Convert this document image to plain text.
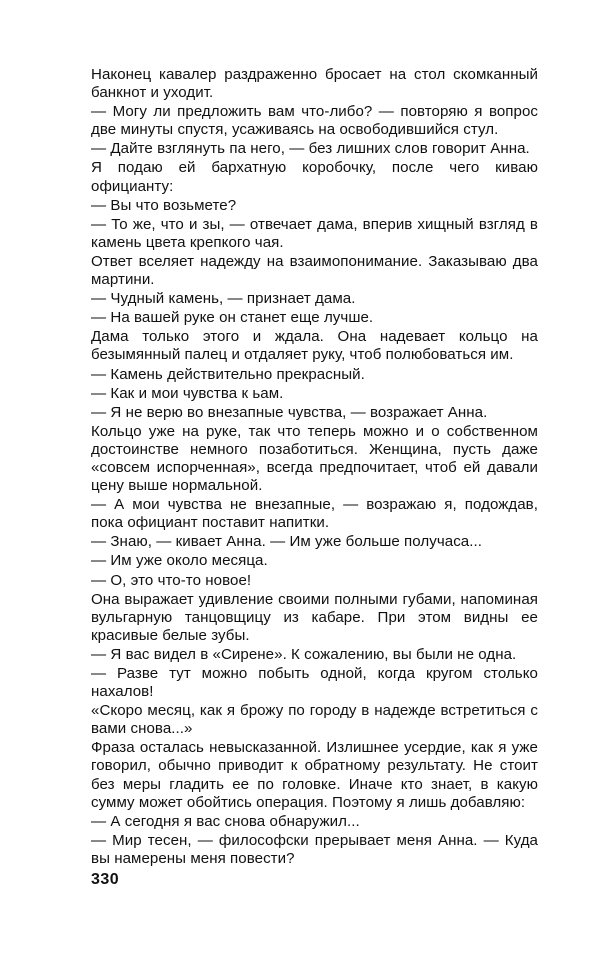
Наконец кавалер раздраженно бросает на стол скомканный банкнот и уходит.

— Могу ли предложить вам что-либо? — повторяю я вопрос две минуты спустя, усаживаясь на освободившийся стул.

— Дайте взглянуть па него, — без лишних слов говорит Анна.

Я подаю ей бархатную коробочку, после чего киваю официанту:

— Вы что возьмете?

— То же, что и зы, — отвечает дама, вперив хищный взгляд в камень цвета крепкого чая.

Ответ вселяет надежду на взаимопонимание. Заказываю два мартини.

— Чудный камень, — признает дама.

— На вашей руке он станет еще лучше.

Дама только этого и ждала. Она надевает кольцо на безымянный палец и отдаляет руку, чтоб полюбоваться им.

— Камень действительно прекрасный.

— Как и мои чувства к ьам.

— Я не верю во внезапные чувства, — возражает Анна.

Кольцо уже на руке, так что теперь можно и о собственном достоинстве немного позаботиться. Женщина, пусть даже «совсем испорченная», всегда предпочитает, чтоб ей давали цену выше нормальной.

— А мои чувства не внезапные, — возражаю я, подождав, пока официант поставит напитки.

— Знаю, — кивает Анна. — Им уже больше получаса...

— Им уже около месяца.

— О, это что-то новое!

Она выражает удивление своими полными губами, напоминая вульгарную танцовщицу из кабаре. При этом видны ее красивые белые зубы.

— Я вас видел в «Сирене». К сожалению, вы были не одна.

— Разве тут можно побыть одной, когда кругом столько нахалов!

«Скоро месяц, как я брожу по городу в надежде встретиться с вами снова...»

Фраза осталась невысказанной. Излишнее усердие, как я уже говорил, обычно приводит к обратному результату. Не стоит без меры гладить ее по головке. Иначе кто знает, в какую сумму может обойтись операция. Поэтому я лишь добавляю:

— А сегодня я вас снова обнаружил...

— Мир тесен, — философски прерывает меня Анна. — Куда вы намерены меня повести?

330
